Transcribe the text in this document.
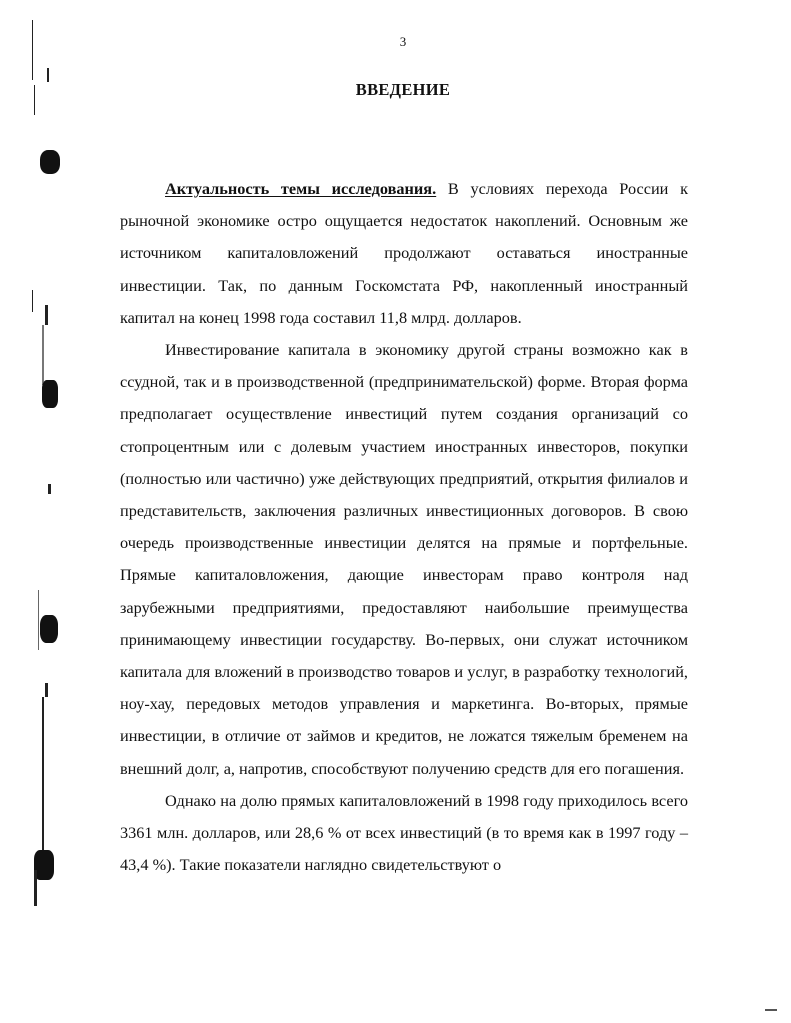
3
ВВЕДЕНИЕ

Актуальность темы исследования. В условиях перехода России к рыночной экономике остро ощущается недостаток накоплений. Основным же источником капиталовложений продолжают оставаться иностранные инвестиции. Так, по данным Госкомстата РФ, накопленный иностранный капитал на конец 1998 года составил 11,8 млрд. долларов.

Инвестирование капитала в экономику другой страны возможно как в ссудной, так и в производственной (предпринимательской) форме. Вторая форма предполагает осуществление инвестиций путем создания организаций со стопроцентным или с долевым участием иностранных инвесторов, покупки (полностью или частично) уже действующих предприятий, открытия филиалов и представительств, заключения различных инвестиционных договоров. В свою очередь производственные инвестиции делятся на прямые и портфельные. Прямые капиталовложения, дающие инвесторам право контроля над зарубежными предприятиями, предоставляют наибольшие преимущества принимающему инвестиции государству. Во-первых, они служат источником капитала для вложений в производство товаров и услуг, в разработку технологий, ноу-хау, передовых методов управления и маркетинга. Во-вторых, прямые инвестиции, в отличие от займов и кредитов, не ложатся тяжелым бременем на внешний долг, а, напротив, способствуют получению средств для его погашения.

Однако на долю прямых капиталовложений в 1998 году приходилось всего 3361 млн. долларов, или 28,6 % от всех инвестиций (в то время как в 1997 году – 43,4 %). Такие показатели наглядно свидетельствуют о
